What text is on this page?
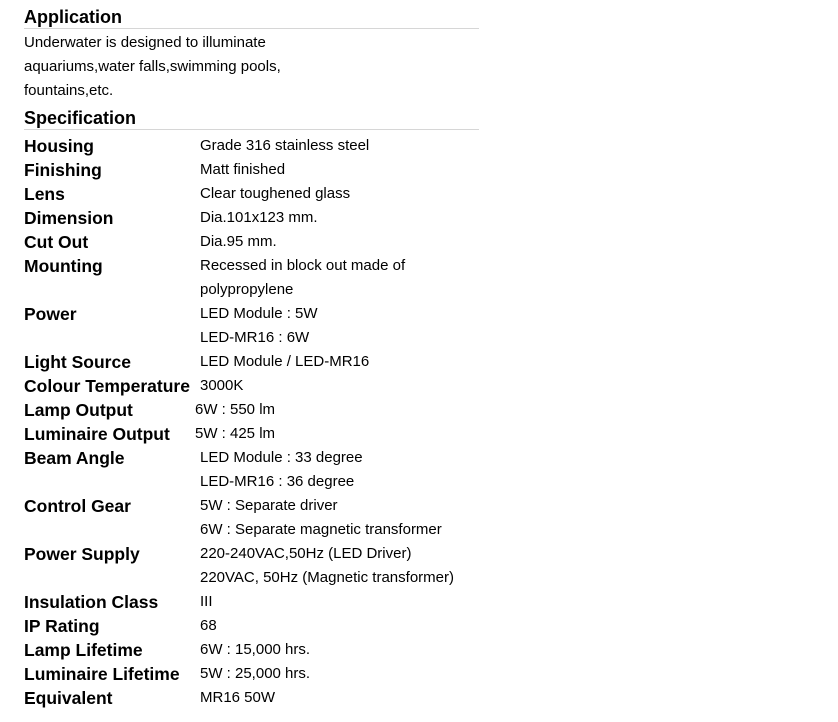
Application
Underwater is designed to illuminate aquariums,water falls,swimming pools, fountains,etc.
Specification
Housing	Grade 316 stainless steel

Finishing	Matt finished

Lens	Clear toughened glass

Dimension	Dia.101x123 mm.

Cut Out	Dia.95 mm.

Mounting	Recessed in block out made of
polypropylene

Power	LED Module : 5W
LED-MR16 : 6W

Light Source	LED Module / LED-MR16

Colour Temperature	3000K

Lamp Output	6W : 550 lm

Luminaire Output	5W : 425 lm

Beam Angle	LED Module : 33 degree
LED-MR16 : 36 degree

Control Gear	5W : Separate driver
6W : Separate magnetic transformer

Power Supply	220-240VAC,50Hz (LED Driver)
220VAC, 50Hz (Magnetic transformer)

Insulation Class	III

IP Rating	68

Lamp Lifetime	6W : 15,000 hrs.

Luminaire Lifetime	5W : 25,000 hrs.

Equivalent	MR16 50W
